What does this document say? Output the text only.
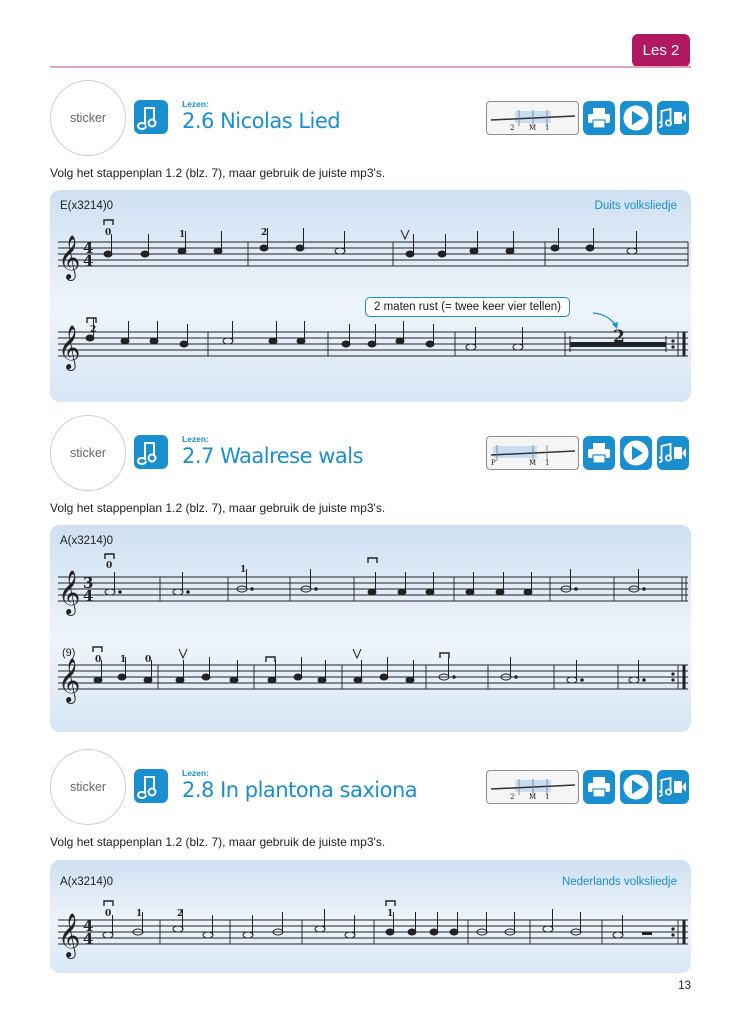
Les 2
sticker
Lezen:
2.6 Nicolas Lied	2 M 1
Volg het stappenplan 1.2 (blz. 7), maar gebruik de juiste mp3's.
E(x3214)0	Duits volksliedje
𝄞
𝄞
4
4
2
0	1	2
2
2 maten rust (= twee keer vier tellen)
sticker
Lezen:
2.7 Waalrese wals	P	M 1
Volg het stappenplan 1.2 (blz. 7), maar gebruik de juiste mp3's.
A(x3214)0
𝄞
𝄞
3
4
(9)
0	1
0 1 0
sticker
Lezen:
2.8 In plantona saxiona	2 M 1
Volg het stappenplan 1.2 (blz. 7), maar gebruik de juiste mp3's.
A(x3214)0	Nederlands volksliedje
𝄞 4
4
0	1	2	1
13
